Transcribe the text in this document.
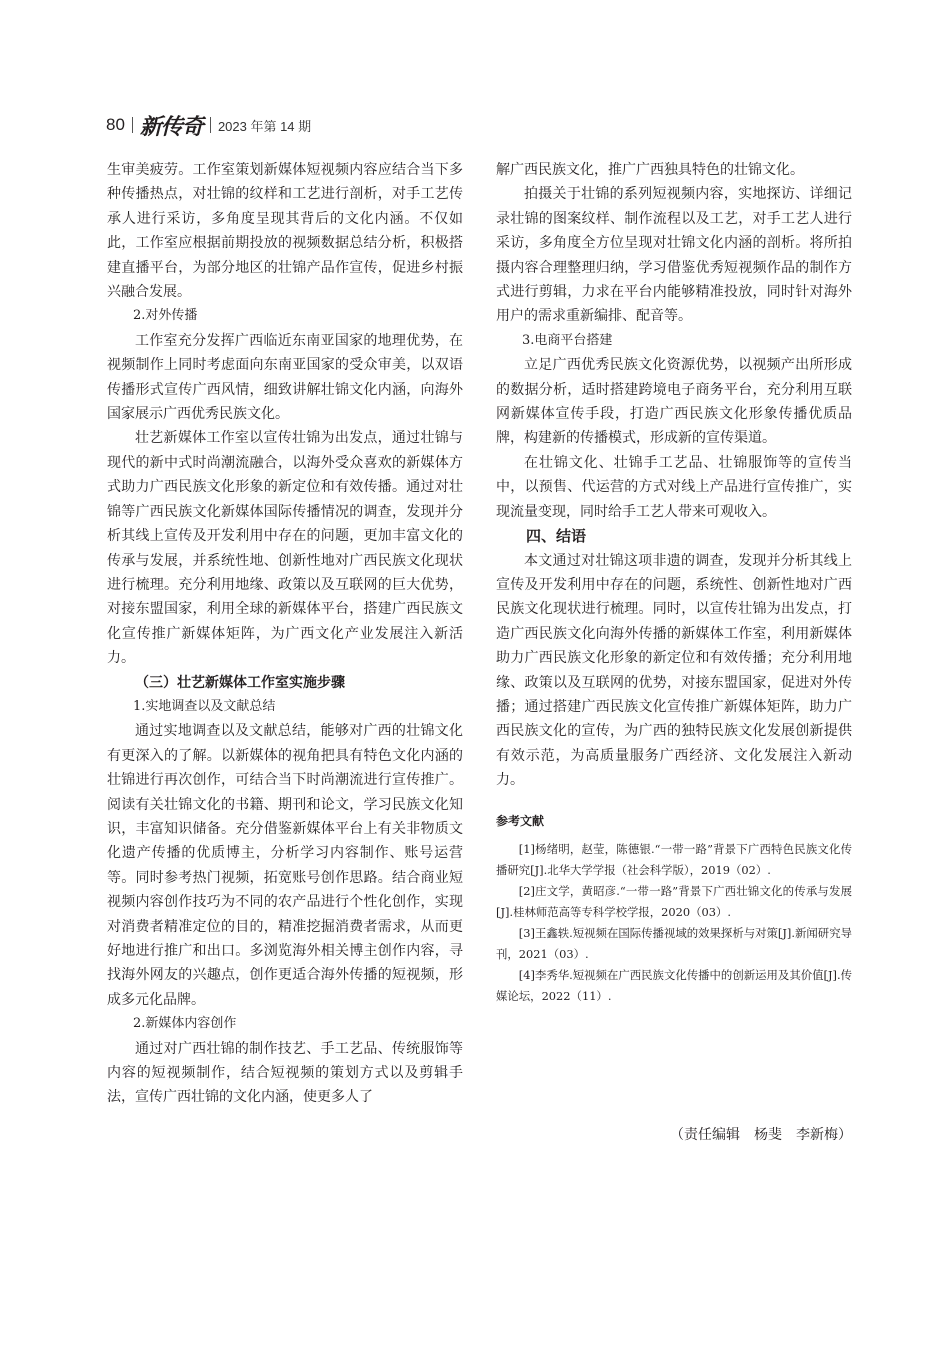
80 新传奇 2023 年第 14 期

生审美疲劳。工作室策划新媒体短视频内容应结合当下多种传播热点，对壮锦的纹样和工艺进行剖析，对手工艺传承人进行采访，多角度呈现其背后的文化内涵。不仅如此，工作室应根据前期投放的视频数据总结分析，积极搭建直播平台，为部分地区的壮锦产品作宣传，促进乡村振兴融合发展。

2.对外传播

工作室充分发挥广西临近东南亚国家的地理优势，在视频制作上同时考虑面向东南亚国家的受众审美，以双语传播形式宣传广西风情，细致讲解壮锦文化内涵，向海外国家展示广西优秀民族文化。

壮艺新媒体工作室以宣传壮锦为出发点，通过壮锦与现代的新中式时尚潮流融合，以海外受众喜欢的新媒体方式助力广西民族文化形象的新定位和有效传播。通过对壮锦等广西民族文化新媒体国际传播情况的调查，发现并分析其线上宣传及开发利用中存在的问题，更加丰富文化的传承与发展，并系统性地、创新性地对广西民族文化现状进行梳理。充分利用地缘、政策以及互联网的巨大优势，对接东盟国家，利用全球的新媒体平台，搭建广西民族文化宣传推广新媒体矩阵，为广西文化产业发展注入新活力。

（三）壮艺新媒体工作室实施步骤

1.实地调查以及文献总结

通过实地调查以及文献总结，能够对广西的壮锦文化有更深入的了解。以新媒体的视角把具有特色文化内涵的壮锦进行再次创作，可结合当下时尚潮流进行宣传推广。阅读有关壮锦文化的书籍、期刊和论文，学习民族文化知识，丰富知识储备。充分借鉴新媒体平台上有关非物质文化遗产传播的优质博主，分析学习内容制作、账号运营等。同时参考热门视频，拓宽账号创作思路。结合商业短视频内容创作技巧为不同的农产品进行个性化创作，实现对消费者精准定位的目的，精准挖掘消费者需求，从而更好地进行推广和出口。多浏览海外相关博主创作内容，寻找海外网友的兴趣点，创作更适合海外传播的短视频，形成多元化品牌。

2.新媒体内容创作

通过对广西壮锦的制作技艺、手工艺品、传统服饰等内容的短视频制作，结合短视频的策划方式以及剪辑手法，宣传广西壮锦的文化内涵，使更多人了

解广西民族文化，推广广西独具特色的壮锦文化。

拍摄关于壮锦的系列短视频内容，实地探访、详细记录壮锦的图案纹样、制作流程以及工艺，对手工艺人进行采访，多角度全方位呈现对壮锦文化内涵的剖析。将所拍摄内容合理整理归纳，学习借鉴优秀短视频作品的制作方式进行剪辑，力求在平台内能够精准投放，同时针对海外用户的需求重新编排、配音等。

3.电商平台搭建

立足广西优秀民族文化资源优势，以视频产出所形成的数据分析，适时搭建跨境电子商务平台，充分利用互联网新媒体宣传手段，打造广西民族文化形象传播优质品牌，构建新的传播模式，形成新的宣传渠道。

在壮锦文化、壮锦手工艺品、壮锦服饰等的宣传当中，以预售、代运营的方式对线上产品进行宣传推广，实现流量变现，同时给手工艺人带来可观收入。

四、结语

本文通过对壮锦这项非遗的调查，发现并分析其线上宣传及开发利用中存在的问题，系统性、创新性地对广西民族文化现状进行梳理。同时，以宣传壮锦为出发点，打造广西民族文化向海外传播的新媒体工作室，利用新媒体助力广西民族文化形象的新定位和有效传播；充分利用地缘、政策以及互联网的优势，对接东盟国家，促进对外传播；通过搭建广西民族文化宣传推广新媒体矩阵，助力广西民族文化的宣传，为广西的独特民族文化发展创新提供有效示范，为高质量服务广西经济、文化发展注入新动力。

参考文献

[1]杨绪明，赵莹，陈德银.“一带一路”背景下广西特色民族文化传播研究[J].北华大学学报（社会科学版），2019（02）.

[2]庄文学，黄昭彦.“一带一路”背景下广西壮锦文化的传承与发展[J].桂林师范高等专科学校学报，2020（03）.

[3]王鑫轶.短视频在国际传播视域的效果探析与对策[J].新闻研究导刊，2021（03）.

[4]李秀华.短视频在广西民族文化传播中的创新运用及其价值[J].传媒论坛，2022（11）.

（责任编辑　杨斐　李新梅）
